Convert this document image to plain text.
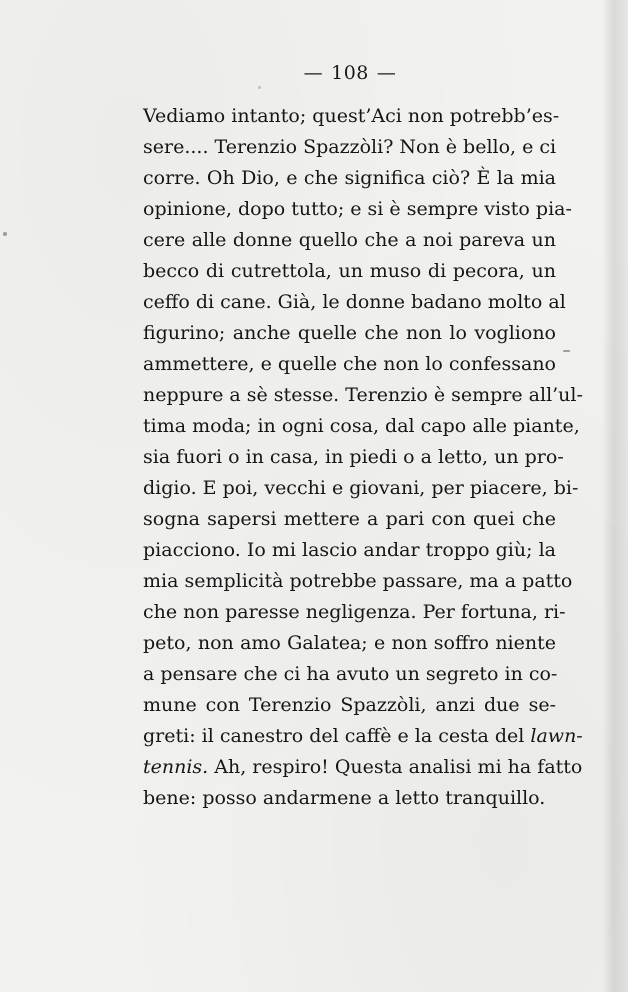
— 108 —
Vediamo intanto; quest’Aci non potrebb’es-
sere.... Terenzio Spazzòli? Non è bello, e ci
corre. Oh Dio, e che significa ciò? È la mia
opinione, dopo tutto; e si è sempre visto pia-
cere alle donne quello che a noi pareva un
becco di cutrettola, un muso di pecora, un
ceffo di cane. Già, le donne badano molto al
figurino; anche quelle che non lo vogliono
ammettere, e quelle che non lo confessano
neppure a sè stesse. Terenzio è sempre all’ul-
tima moda; in ogni cosa, dal capo alle piante,
sia fuori o in casa, in piedi o a letto, un pro-
digio. E poi, vecchi e giovani, per piacere, bi-
sogna sapersi mettere a pari con quei che
piacciono. Io mi lascio andar troppo giù; la
mia semplicità potrebbe passare, ma a patto
che non paresse negligenza. Per fortuna, ri-
peto, non amo Galatea; e non soffro niente
a pensare che ci ha avuto un segreto in co-
mune con Terenzio Spazzòli, anzi due se-
greti: il canestro del caffè e la cesta del lawn-
tennis. Ah, respiro! Questa analisi mi ha fatto
bene: posso andarmene a letto tranquillo.
